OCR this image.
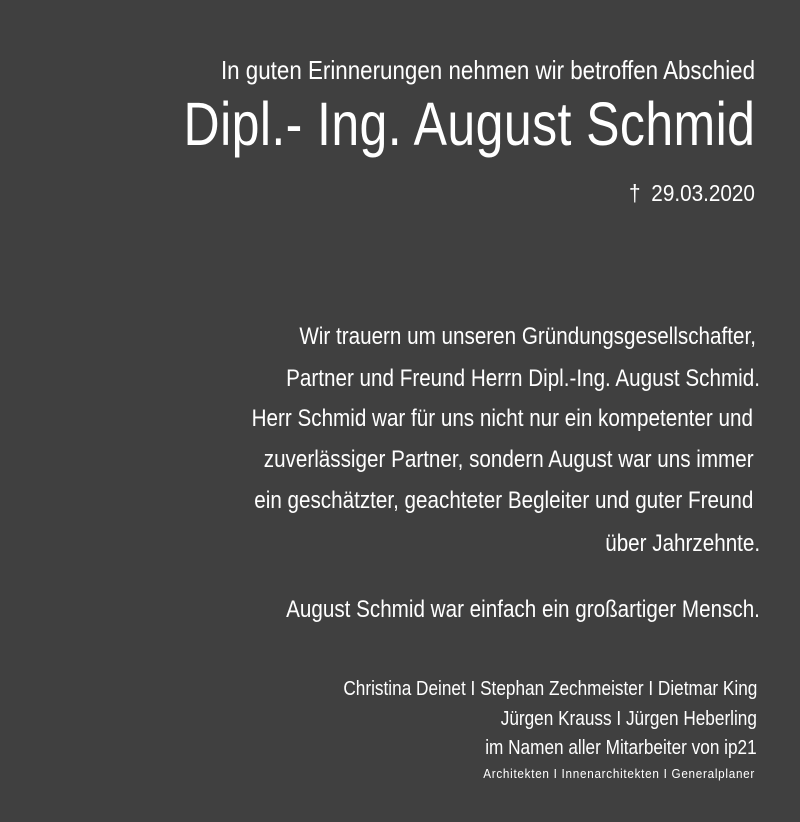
In guten Erinnerungen nehmen wir betroffen Abschied

Dipl.- Ing. August Schmid

† 29.03.2020

Wir trauern um unseren Gründungsgesellschafter,

Partner und Freund Herrn Dipl.-Ing. August Schmid.

Herr Schmid war für uns nicht nur ein kompetenter und

zuverlässiger Partner, sondern August war uns immer

ein geschätzter, geachteter Begleiter und guter Freund

über Jahrzehnte.

August Schmid war einfach ein großartiger Mensch.

Christina Deinet I Stephan Zechmeister I Dietmar King

Jürgen Krauss I Jürgen Heberling

im Namen aller Mitarbeiter von ip21

Architekten I Innenarchitekten I Generalplaner
